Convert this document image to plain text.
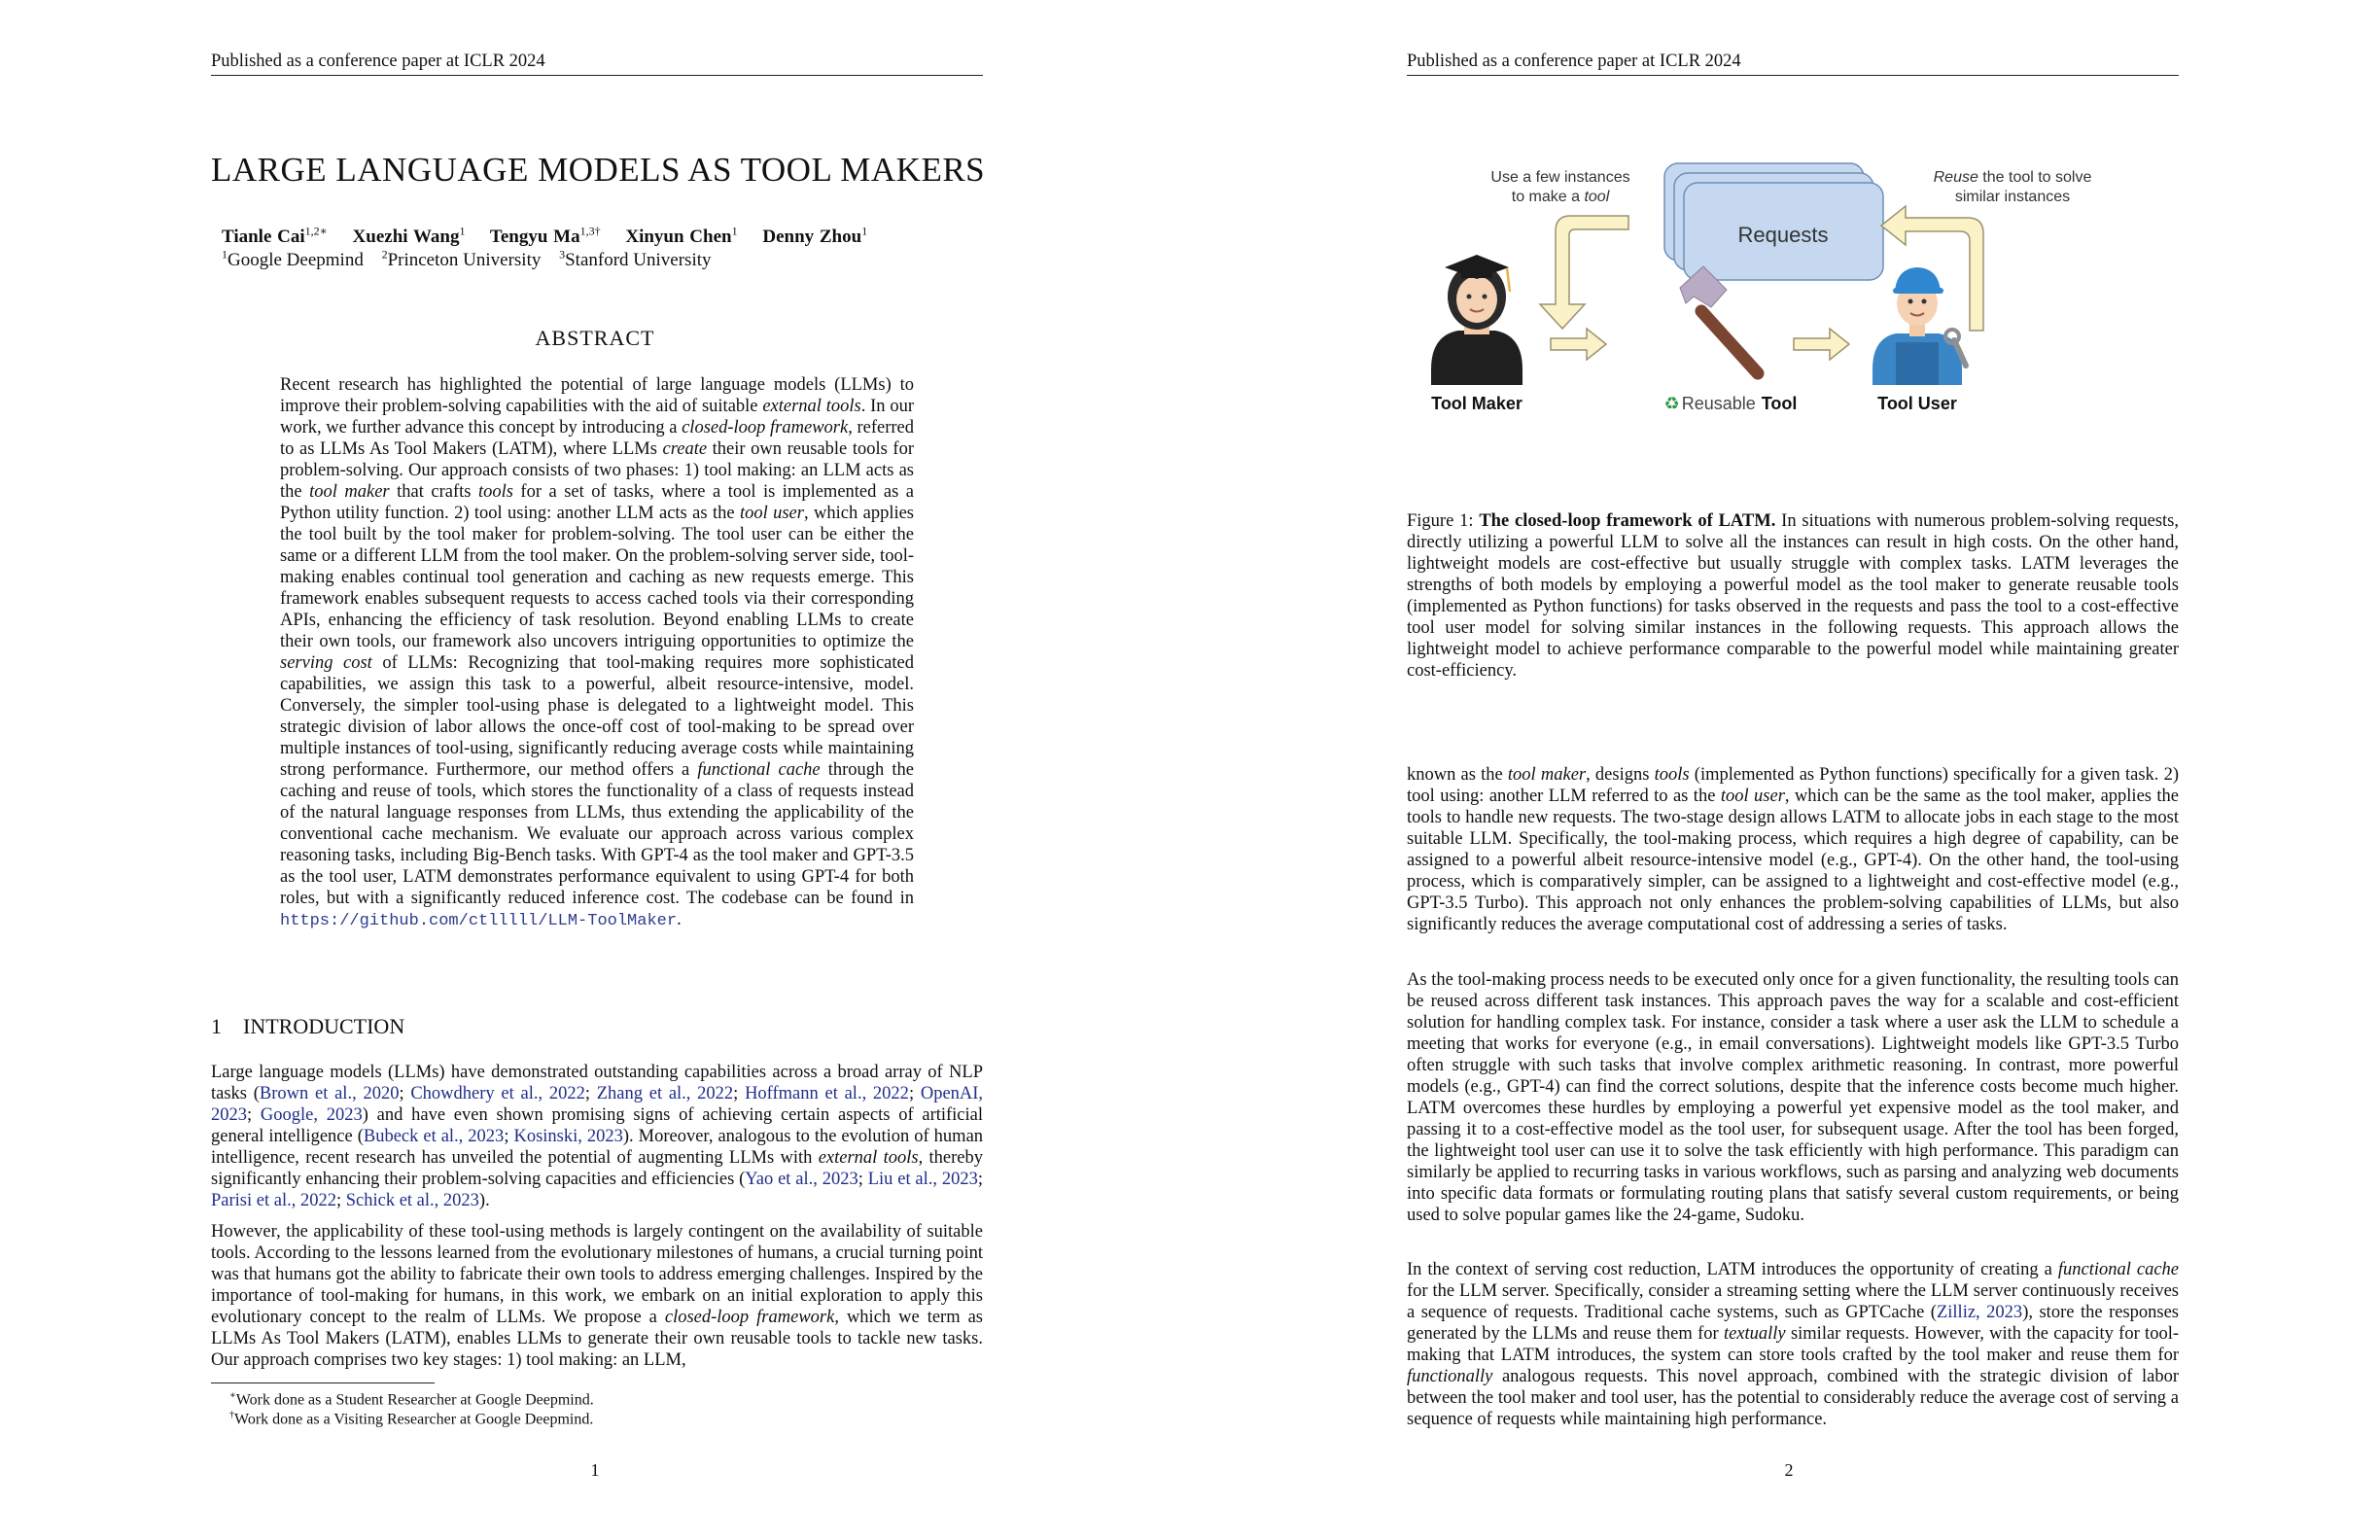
Published as a conference paper at ICLR 2024
LARGE LANGUAGE MODELS AS TOOL MAKERS
Tianle Cai$^{1,2∗}$ Xuezhi Wang$^1$ Tengyu $Ma^{1,3\dagger}$ Xinyun Chen$^1$ Denny Zhou$^1$
$^1$Google Deepmind $^2$Princeton University $^3$Stanford University
ABSTRACT
Recent research has highlighted the potential of large language models (LLMs) to improve their problem-solving capabilities with the aid of suitable external tools. In our work, we further advance this concept by introducing a closed-loop framework, referred to as LLMs As Tool Makers (LATM), where LLMs create their own reusable tools for problem-solving. Our approach consists of two phases: 1) tool making: an LLM acts as the tool maker that crafts tools for a set of tasks, where a tool is implemented as a Python utility function. 2) tool using: another LLM acts as the tool user, which applies the tool built by the tool maker for problem-solving. The tool user can be either the same or a different LLM from the tool maker. On the problem-solving server side, tool-making enables continual tool generation and caching as new requests emerge. This framework enables subsequent requests to access cached tools via their corresponding APIs, enhancing the efficiency of task resolution. Beyond enabling LLMs to create their own tools, our framework also uncovers intriguing opportunities to optimize the serving cost of LLMs: Recognizing that tool-making requires more sophisticated capabilities, we assign this task to a powerful, albeit resource-intensive, model. Conversely, the simpler tool-using phase is delegated to a lightweight model. This strategic division of labor allows the once-off cost of tool-making to be spread over multiple instances of tool-using, significantly reducing average costs while maintaining strong performance. Furthermore, our method offers a functional cache through the caching and reuse of tools, which stores the functionality of a class of requests instead of the natural language responses from LLMs, thus extending the applicability of the conventional cache mechanism. We evaluate our approach across various complex reasoning tasks, including Big-Bench tasks. With GPT-4 as the tool maker and GPT-3.5 as the tool user, LATM demonstrates performance equivalent to using GPT-4 for both roles, but with a significantly reduced inference cost. The codebase can be found in https://github.com/ctlllll/LLM-ToolMaker.
1 INTRODUCTION
Large language models (LLMs) have demonstrated outstanding capabilities across a broad array of NLP tasks (Brown et al., 2020; Chowdhery et al., 2022; Zhang et al., 2022; Hoffmann et al., 2022; OpenAI, 2023; Google, 2023) and have even shown promising signs of achieving certain aspects of artificial general intelligence (Bubeck et al., 2023; Kosinski, 2023). Moreover, analogous to the evolution of human intelligence, recent research has unveiled the potential of augmenting LLMs with external tools, thereby significantly enhancing their problem-solving capacities and efficiencies (Yao et al., 2023; Liu et al., 2023; Parisi et al., 2022; Schick et al., 2023).
However, the applicability of these tool-using methods is largely contingent on the availability of suitable tools. According to the lessons learned from the evolutionary milestones of humans, a crucial turning point was that humans got the ability to fabricate their own tools to address emerging challenges. Inspired by the importance of tool-making for humans, in this work, we embark on an initial exploration to apply this evolutionary concept to the realm of LLMs. We propose a closed-loop framework, which we term as LLMs As Tool Makers (LATM), enables LLMs to generate their own reusable tools to tackle new tasks. Our approach comprises two key stages: 1) tool making: an LLM,
∗Work done as a Student Researcher at Google Deepmind.
†Work done as a Visiting Researcher at Google Deepmind.
1
Published as a conference paper at ICLR 2024
Figure 1: The closed-loop framework of LATM. In situations with numerous problem-solving requests, directly utilizing a powerful LLM to solve all the instances can result in high costs. On the other hand, lightweight models are cost-effective but usually struggle with complex tasks. LATM leverages the strengths of both models by employing a powerful model as the tool maker to generate reusable tools (implemented as Python functions) for tasks observed in the requests and pass the tool to a cost-effective tool user model for solving similar instances in the following requests. This approach allows the lightweight model to achieve performance comparable to the powerful model while maintaining greater cost-efficiency.
known as the tool maker, designs tools (implemented as Python functions) specifically for a given task. 2) tool using: another LLM referred to as the tool user, which can be the same as the tool maker, applies the tools to handle new requests. The two-stage design allows LATM to allocate jobs in each stage to the most suitable LLM. Specifically, the tool-making process, which requires a high degree of capability, can be assigned to a powerful albeit resource-intensive model (e.g., GPT-4). On the other hand, the tool-using process, which is comparatively simpler, can be assigned to a lightweight and cost-effective model (e.g., GPT-3.5 Turbo). This approach not only enhances the problem-solving capabilities of LLMs, but also significantly reduces the average computational cost of addressing a series of tasks.
As the tool-making process needs to be executed only once for a given functionality, the resulting tools can be reused across different task instances. This approach paves the way for a scalable and cost-efficient solution for handling complex task. For instance, consider a task where a user ask the LLM to schedule a meeting that works for everyone (e.g., in email conversations). Lightweight models like GPT-3.5 Turbo often struggle with such tasks that involve complex arithmetic reasoning. In contrast, more powerful models (e.g., GPT-4) can find the correct solutions, despite that the inference costs become much higher. LATM overcomes these hurdles by employing a powerful yet expensive model as the tool maker, and passing it to a cost-effective model as the tool user, for subsequent usage. After the tool has been forged, the lightweight tool user can use it to solve the task efficiently with high performance. This paradigm can similarly be applied to recurring tasks in various workflows, such as parsing and analyzing web documents into specific data formats or formulating routing plans that satisfy several custom requirements, or being used to solve popular games like the 24-game, Sudoku.
In the context of serving cost reduction, LATM introduces the opportunity of creating a functional cache for the LLM server. Specifically, consider a streaming setting where the LLM server continuously receives a sequence of requests. Traditional cache systems, such as GPTCache (Zilliz, 2023), store the responses generated by the LLMs and reuse them for textually similar requests. However, with the capacity for tool-making that LATM introduces, the system can store tools crafted by the tool maker and reuse them for functionally analogous requests. This novel approach, combined with the strategic division of labor between the tool maker and tool user, has the potential to considerably reduce the average cost of serving a sequence of requests while maintaining high performance.
2
Use a few instances
to make a tool
Reuse the tool to solve
similar instances
Requests
Tool Maker	♻ Reusable Tool	Tool User
